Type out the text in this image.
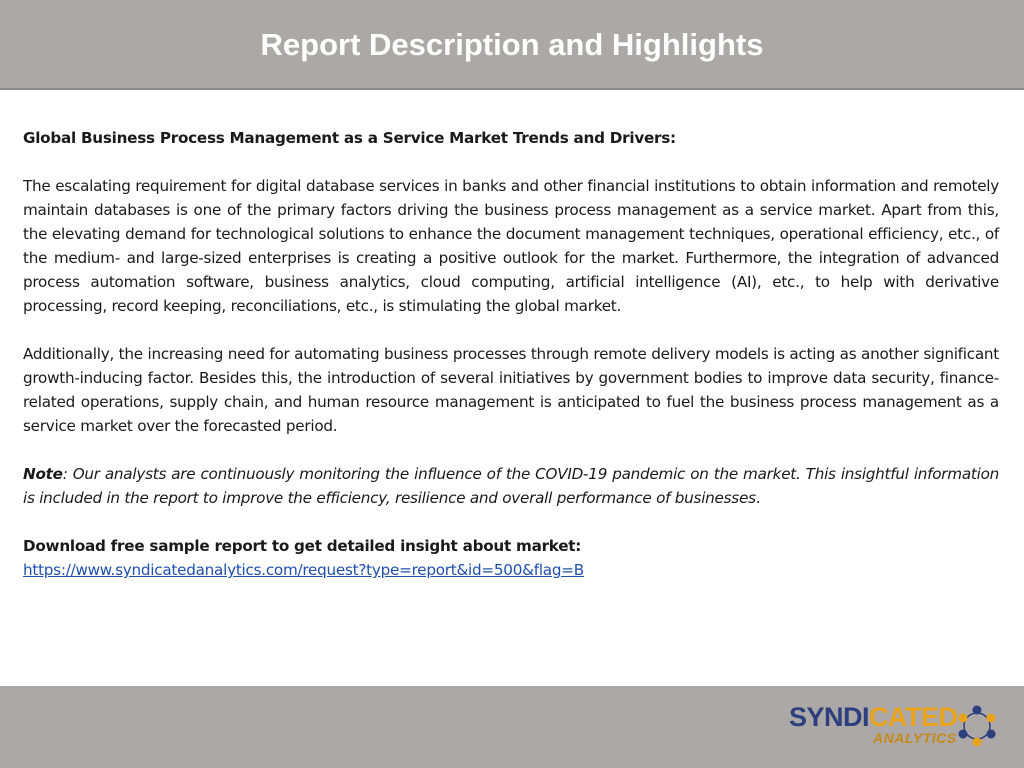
Report Description and Highlights

Global Business Process Management as a Service Market Trends and Drivers:

The escalating requirement for digital database services in banks and other financial institutions to obtain information and remotely maintain databases is one of the primary factors driving the business process management as a service market. Apart from this, the elevating demand for technological solutions to enhance the document management techniques, operational efficiency, etc., of the medium- and large-sized enterprises is creating a positive outlook for the market. Furthermore, the integration of advanced process automation software, business analytics, cloud computing, artificial intelligence (AI), etc., to help with derivative processing, record keeping, reconciliations, etc., is stimulating the global market.

Additionally, the increasing need for automating business processes through remote delivery models is acting as another significant growth-inducing factor. Besides this, the introduction of several initiatives by government bodies to improve data security, finance-related operations, supply chain, and human resource management is anticipated to fuel the business process management as a service market over the forecasted period.

Note: Our analysts are continuously monitoring the influence of the COVID-19 pandemic on the market. This insightful information is included in the report to improve the efficiency, resilience and overall performance of businesses.

Download free sample report to get detailed insight about market:
https://www.syndicatedanalytics.com/request?type=report&id=500&flag=B
SYNDICATED
ANALYTICS
